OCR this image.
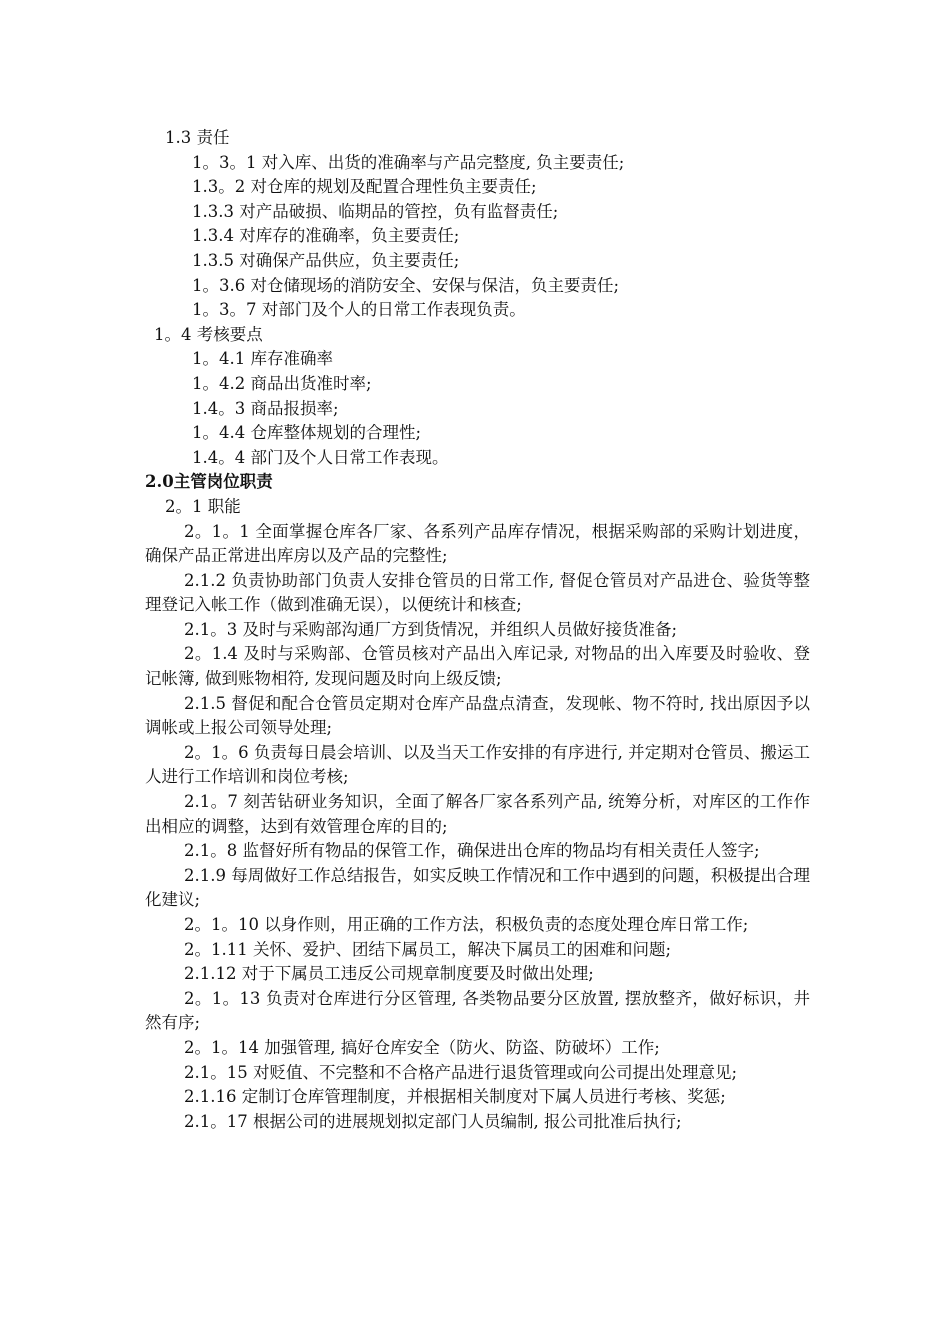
1.3 责任
1。3。1 对入库、出货的准确率与产品完整度, 负主要责任;
1.3。2 对仓库的规划及配置合理性负主要责任;
1.3.3 对产品破损、临期品的管控，负有监督责任;
1.3.4 对库存的准确率，负主要责任;
1.3.5 对确保产品供应，负主要责任;
1。3.6 对仓储现场的消防安全、安保与保洁，负主要责任;
1。3。7 对部门及个人的日常工作表现负责。
1。4 考核要点
1。4.1 库存准确率
1。4.2 商品出货准时率;
1.4。3 商品报损率;
1。4.4 仓库整体规划的合理性;
1.4。4 部门及个人日常工作表现。
2.0主管岗位职责
2。1 职能
2。1。1 全面掌握仓库各厂家、各系列产品库存情况，根据采购部的采购计划进度，确保产品正常进出库房以及产品的完整性;
2.1.2 负责协助部门负责人安排仓管员的日常工作, 督促仓管员对产品进仓、验货等整理登记入帐工作（做到准确无误），以便统计和核查;
2.1。3 及时与采购部沟通厂方到货情况，并组织人员做好接货准备;
2。1.4 及时与采购部、仓管员核对产品出入库记录, 对物品的出入库要及时验收、登记帐簿, 做到账物相符, 发现问题及时向上级反馈;
2.1.5 督促和配合仓管员定期对仓库产品盘点清查，发现帐、物不符时, 找出原因予以调帐或上报公司领导处理;
2。1。6 负责每日晨会培训、以及当天工作安排的有序进行, 并定期对仓管员、搬运工人进行工作培训和岗位考核;
2.1。7 刻苦钻研业务知识，全面了解各厂家各系列产品, 统筹分析，对库区的工作作出相应的调整，达到有效管理仓库的目的;
2.1。8 监督好所有物品的保管工作，确保进出仓库的物品均有相关责任人签字;
2.1.9 每周做好工作总结报告，如实反映工作情况和工作中遇到的问题，积极提出合理化建议;
2。1。10 以身作则，用正确的工作方法，积极负责的态度处理仓库日常工作;
2。1.11 关怀、爱护、团结下属员工，解决下属员工的困难和问题;
2.1.12 对于下属员工违反公司规章制度要及时做出处理;
2。1。13 负责对仓库进行分区管理, 各类物品要分区放置, 摆放整齐，做好标识，井然有序;
2。1。14 加强管理, 搞好仓库安全（防火、防盗、防破坏）工作;
2.1。15 对贬值、不完整和不合格产品进行退货管理或向公司提出处理意见;
2.1.16 定制订仓库管理制度，并根据相关制度对下属人员进行考核、奖惩;
2.1。17 根据公司的进展规划拟定部门人员编制, 报公司批准后执行;
